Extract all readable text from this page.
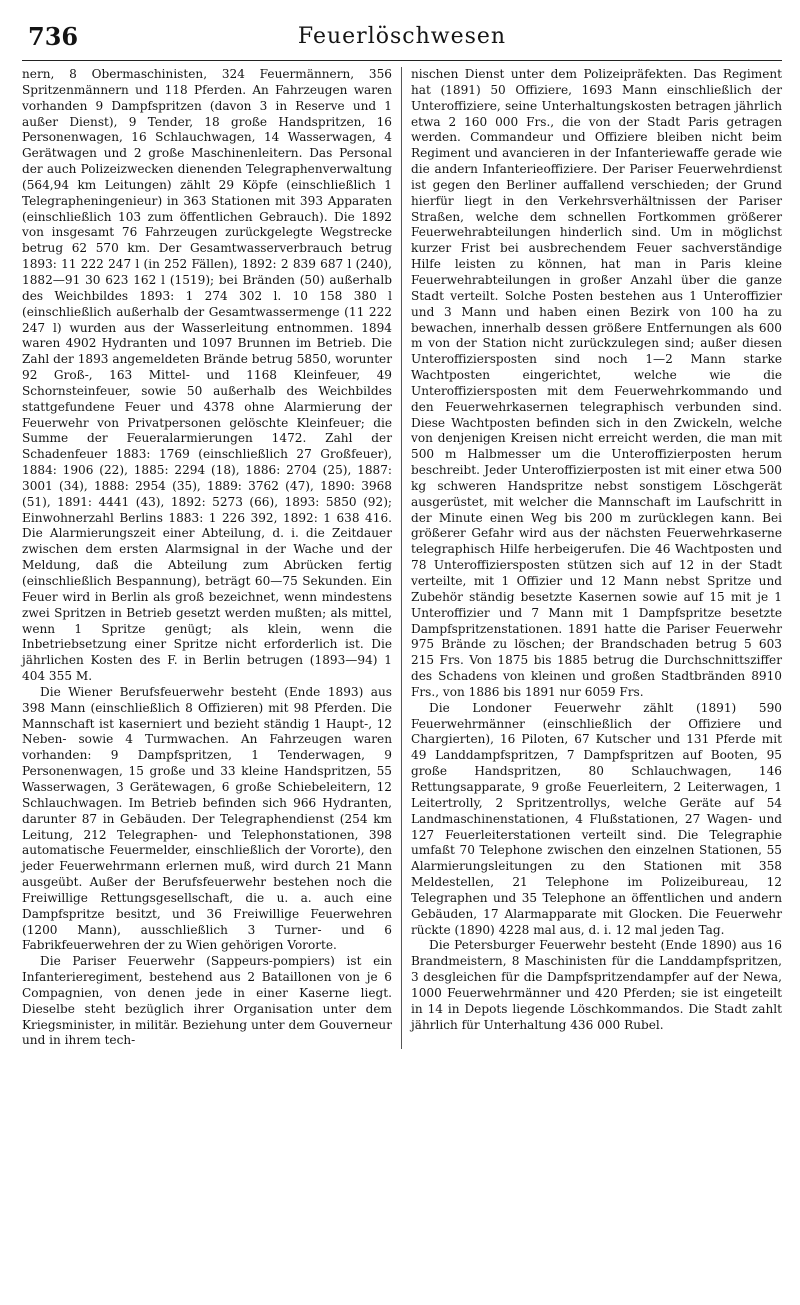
736	Feuerlöschwesen

nern, 8 Obermaschinisten, 324 Feuermännern, 356 Spritzenmännern und 118 Pferden. An Fahrzeugen waren vorhanden 9 Dampfspritzen (davon 3 in Reserve und 1 außer Dienst), 9 Tender, 18 große Handspritzen, 16 Personenwagen, 16 Schlauchwagen, 14 Wasserwagen, 4 Gerätwagen und 2 große Maschinenleitern. Das Personal der auch Polizeizwecken dienenden Telegraphenverwaltung (564,94 km Leitungen) zählt 29 Köpfe (einschließlich 1 Telegrapheningenieur) in 363 Stationen mit 393 Apparaten (einschließlich 103 zum öffentlichen Gebrauch). Die 1892 von insgesamt 76 Fahrzeugen zurückgelegte Wegstrecke betrug 62 570 km. Der Gesamtwasserverbrauch betrug 1893: 11 222 247 l (in 252 Fällen), 1892: 2 839 687 l (240), 1882—91 30 623 162 l (1519); bei Bränden (50) außerhalb des Weichbildes 1893: 1 274 302 l. 10 158 380 l (einschließlich außerhalb der Gesamtwassermenge (11 222 247 l) wurden aus der Wasserleitung entnommen. 1894 waren 4902 Hydranten und 1097 Brunnen im Betrieb. Die Zahl der 1893 angemeldeten Brände betrug 5850, worunter 92 Groß-, 163 Mittel- und 1168 Kleinfeuer, 49 Schornsteinfeuer, sowie 50 außerhalb des Weichbildes stattgefundene Feuer und 4378 ohne Alarmierung der Feuerwehr von Privatpersonen gelöschte Kleinfeuer; die Summe der Feueralarmierungen 1472. Zahl der Schadenfeuer 1883: 1769 (einschließlich 27 Großfeuer), 1884: 1906 (22), 1885: 2294 (18), 1886: 2704 (25), 1887: 3001 (34), 1888: 2954 (35), 1889: 3762 (47), 1890: 3968 (51), 1891: 4441 (43), 1892: 5273 (66), 1893: 5850 (92); Einwohnerzahl Berlins 1883: 1 226 392, 1892: 1 638 416. Die Alarmierungszeit einer Abteilung, d. i. die Zeitdauer zwischen dem ersten Alarmsignal in der Wache und der Meldung, daß die Abteilung zum Abrücken fertig (einschließlich Bespannung), beträgt 60—75 Sekunden. Ein Feuer wird in Berlin als groß bezeichnet, wenn mindestens zwei Spritzen in Betrieb gesetzt werden mußten; als mittel, wenn 1 Spritze genügt; als klein, wenn die Inbetriebsetzung einer Spritze nicht erforderlich ist. Die jährlichen Kosten des F. in Berlin betrugen (1893—94) 1 404 355 M.

Die Wiener Berufsfeuerwehr besteht (Ende 1893) aus 398 Mann (einschließlich 8 Offizieren) mit 98 Pferden. Die Mannschaft ist kaserniert und bezieht ständig 1 Haupt-, 12 Neben- sowie 4 Turmwachen. An Fahrzeugen waren vorhanden: 9 Dampfspritzen, 1 Tenderwagen, 9 Personenwagen, 15 große und 33 kleine Handspritzen, 55 Wasserwagen, 3 Gerätewagen, 6 große Schiebeleitern, 12 Schlauchwagen. Im Betrieb befinden sich 966 Hydranten, darunter 87 in Gebäuden. Der Telegraphendienst (254 km Leitung, 212 Telegraphen- und Telephonstationen, 398 automatische Feuermelder, einschließlich der Vororte), den jeder Feuerwehrmann erlernen muß, wird durch 21 Mann ausgeübt. Außer der Berufsfeuerwehr bestehen noch die Freiwillige Rettungsgesellschaft, die u. a. auch eine Dampfspritze besitzt, und 36 Freiwillige Feuerwehren (1200 Mann), ausschließlich 3 Turner- und 6 Fabrikfeuerwehren der zu Wien gehörigen Vororte.

Die Pariser Feuerwehr (Sappeurs-pompiers) ist ein Infanterieregiment, bestehend aus 2 Bataillonen von je 6 Compagnien, von denen jede in einer Kaserne liegt. Dieselbe steht bezüglich ihrer Organisation unter dem Kriegsminister, in militär. Beziehung unter dem Gouverneur und in ihrem tech-

nischen Dienst unter dem Polizeipräfekten. Das Regiment hat (1891) 50 Offiziere, 1693 Mann einschließlich der Unteroffiziere, seine Unterhaltungskosten betragen jährlich etwa 2 160 000 Frs., die von der Stadt Paris getragen werden. Commandeur und Offiziere bleiben nicht beim Regiment und avancieren in der Infanteriewaffe gerade wie die andern Infanterieoffiziere. Der Pariser Feuerwehrdienst ist gegen den Berliner auffallend verschieden; der Grund hierfür liegt in den Verkehrsverhältnissen der Pariser Straßen, welche dem schnellen Fortkommen größerer Feuerwehrabteilungen hinderlich sind. Um in möglichst kurzer Frist bei ausbrechendem Feuer sachverständige Hilfe leisten zu können, hat man in Paris kleine Feuerwehrabteilungen in großer Anzahl über die ganze Stadt verteilt. Solche Posten bestehen aus 1 Unteroffizier und 3 Mann und haben einen Bezirk von 100 ha zu bewachen, innerhalb dessen größere Entfernungen als 600 m von der Station nicht zurückzulegen sind; außer diesen Unteroffiziersposten sind noch 1—2 Mann starke Wachtposten eingerichtet, welche wie die Unteroffiziersposten mit dem Feuerwehrkommando und den Feuerwehrkasernen telegraphisch verbunden sind. Diese Wachtposten befinden sich in den Zwickeln, welche von denjenigen Kreisen nicht erreicht werden, die man mit 500 m Halbmesser um die Unteroffizierposten herum beschreibt. Jeder Unteroffizierposten ist mit einer etwa 500 kg schweren Handspritze nebst sonstigem Löschgerät ausgerüstet, mit welcher die Mannschaft im Laufschritt in der Minute einen Weg bis 200 m zurücklegen kann. Bei größerer Gefahr wird aus der nächsten Feuerwehrkaserne telegraphisch Hilfe herbeigerufen. Die 46 Wachtposten und 78 Unteroffiziersposten stützen sich auf 12 in der Stadt verteilte, mit 1 Offizier und 12 Mann nebst Spritze und Zubehör ständig besetzte Kasernen sowie auf 15 mit je 1 Unteroffizier und 7 Mann mit 1 Dampfspritze besetzte Dampfspritzenstationen. 1891 hatte die Pariser Feuerwehr 975 Brände zu löschen; der Brandschaden betrug 5 603 215 Frs. Von 1875 bis 1885 betrug die Durchschnittsziffer des Schadens von kleinen und großen Stadtbränden 8910 Frs., von 1886 bis 1891 nur 6059 Frs.

Die Londoner Feuerwehr zählt (1891) 590 Feuerwehrmänner (einschließlich der Offiziere und Chargierten), 16 Piloten, 67 Kutscher und 131 Pferde mit 49 Landdampfspritzen, 7 Dampfspritzen auf Booten, 95 große Handspritzen, 80 Schlauchwagen, 146 Rettungsapparate, 9 große Feuerleitern, 2 Leiterwagen, 1 Leitertrolly, 2 Spritzentrollys, welche Geräte auf 54 Landmaschinenstationen, 4 Flußstationen, 27 Wagen- und 127 Feuerleiterstationen verteilt sind. Die Telegraphie umfaßt 70 Telephone zwischen den einzelnen Stationen, 55 Alarmierungsleitungen zu den Stationen mit 358 Meldestellen, 21 Telephone im Polizeibureau, 12 Telegraphen und 35 Telephone an öffentlichen und andern Gebäuden, 17 Alarmapparate mit Glocken. Die Feuerwehr rückte (1890) 4228 mal aus, d. i. 12 mal jeden Tag.

Die Petersburger Feuerwehr besteht (Ende 1890) aus 16 Brandmeistern, 8 Maschinisten für die Landdampfspritzen, 3 desgleichen für die Dampfspritzendampfer auf der Newa, 1000 Feuerwehrmänner und 420 Pferden; sie ist eingeteilt in 14 in Depots liegende Löschkommandos. Die Stadt zahlt jährlich für Unterhaltung 436 000 Rubel.
